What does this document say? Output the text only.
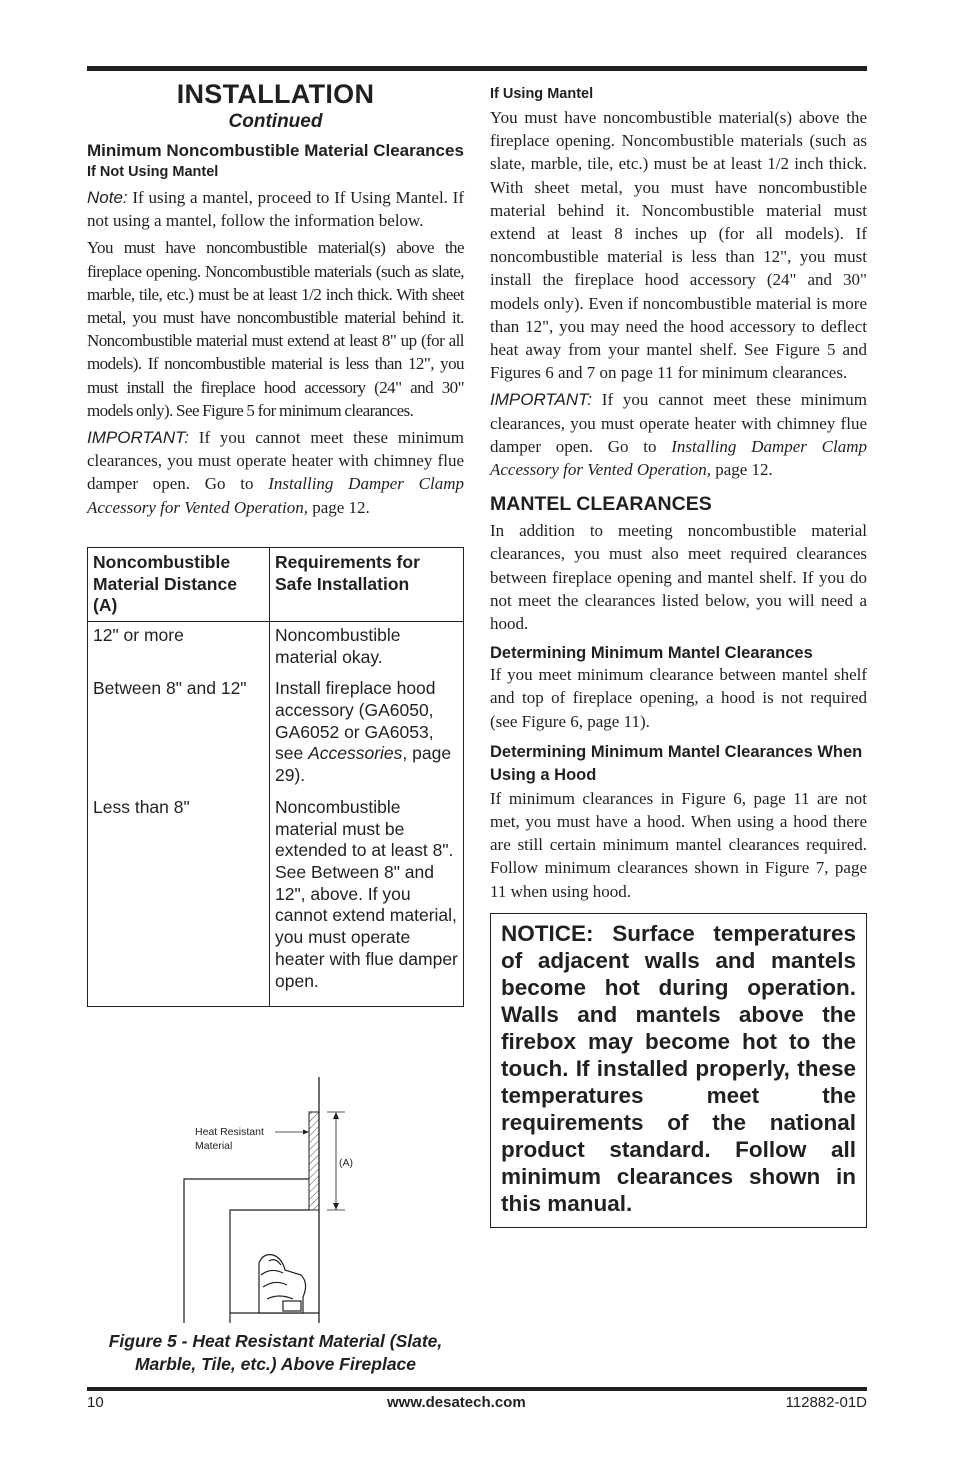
INSTALLATION
Continued
Minimum Noncombustible Material Clearances
If Not Using Mantel

Note: If using a mantel, proceed to If Using Mantel. If not using a mantel, follow the information below.

You must have noncombustible material(s) above the fireplace opening. Noncombustible materials (such as slate, marble, tile, etc.) must be at least 1/2 inch thick. With sheet metal, you must have noncombustible material behind it. Noncombustible material must extend at least 8" up (for all models). If noncombustible material is less than 12", you must install the fireplace hood accessory (24" and 30" models only). See Figure 5 for minimum clearances.

IMPORTANT: If you cannot meet these minimum clearances, you must operate heater with chimney flue damper open. Go to Installing Damper Clamp Accessory for Vented Operation, page 12.

Noncombustible Material Distance (A)	Requirements for Safe Installation
12" or more	Noncombustible material okay.
Between 8" and 12"	Install fireplace hood accessory (GA6050, GA6052 or GA6053, see Accessories, page 29).
Less than 8"	Noncombustible material must be extended to at least 8". See Between 8" and 12", above. If you cannot extend material, you must operate heater with flue damper open.
Heat Resistant
Material
(A)
Figure 5 - Heat Resistant Material (Slate, Marble, Tile, etc.) Above Fireplace
If Using Mantel

You must have noncombustible material(s) above the fireplace opening. Noncombustible materials (such as slate, marble, tile, etc.) must be at least 1/2 inch thick. With sheet metal, you must have noncombustible material behind it. Noncombustible material must extend at least 8 inches up (for all models). If noncombustible material is less than 12", you must install the fireplace hood accessory (24" and 30" models only). Even if noncombustible material is more than 12", you may need the hood accessory to deflect heat away from your mantel shelf. See Figure 5 and Figures 6 and 7 on page 11 for minimum clearances.

IMPORTANT: If you cannot meet these minimum clearances, you must operate heater with chimney flue damper open. Go to Installing Damper Clamp Accessory for Vented Operation, page 12.

MANTEL CLEARANCES

In addition to meeting noncombustible material clearances, you must also meet required clearances between fireplace opening and mantel shelf. If you do not meet the clearances listed below, you will need a hood.

Determining Minimum Mantel Clearances

If you meet minimum clearance between mantel shelf and top of fireplace opening, a hood is not required (see Figure 6, page 11).

Determining Minimum Mantel Clearances When Using a Hood

If minimum clearances in Figure 6, page 11 are not met, you must have a hood. When using a hood there are still certain minimum mantel clearances required. Follow minimum clearances shown in Figure 7, page 11 when using hood.

NOTICE: Surface temperatures of adjacent walls and mantels become hot during operation. Walls and mantels above the firebox may become hot to the touch. If installed properly, these temperatures meet the requirements of the national product standard. Follow all minimum clearances shown in this manual.
10	www.desatech.com	112882-01D
